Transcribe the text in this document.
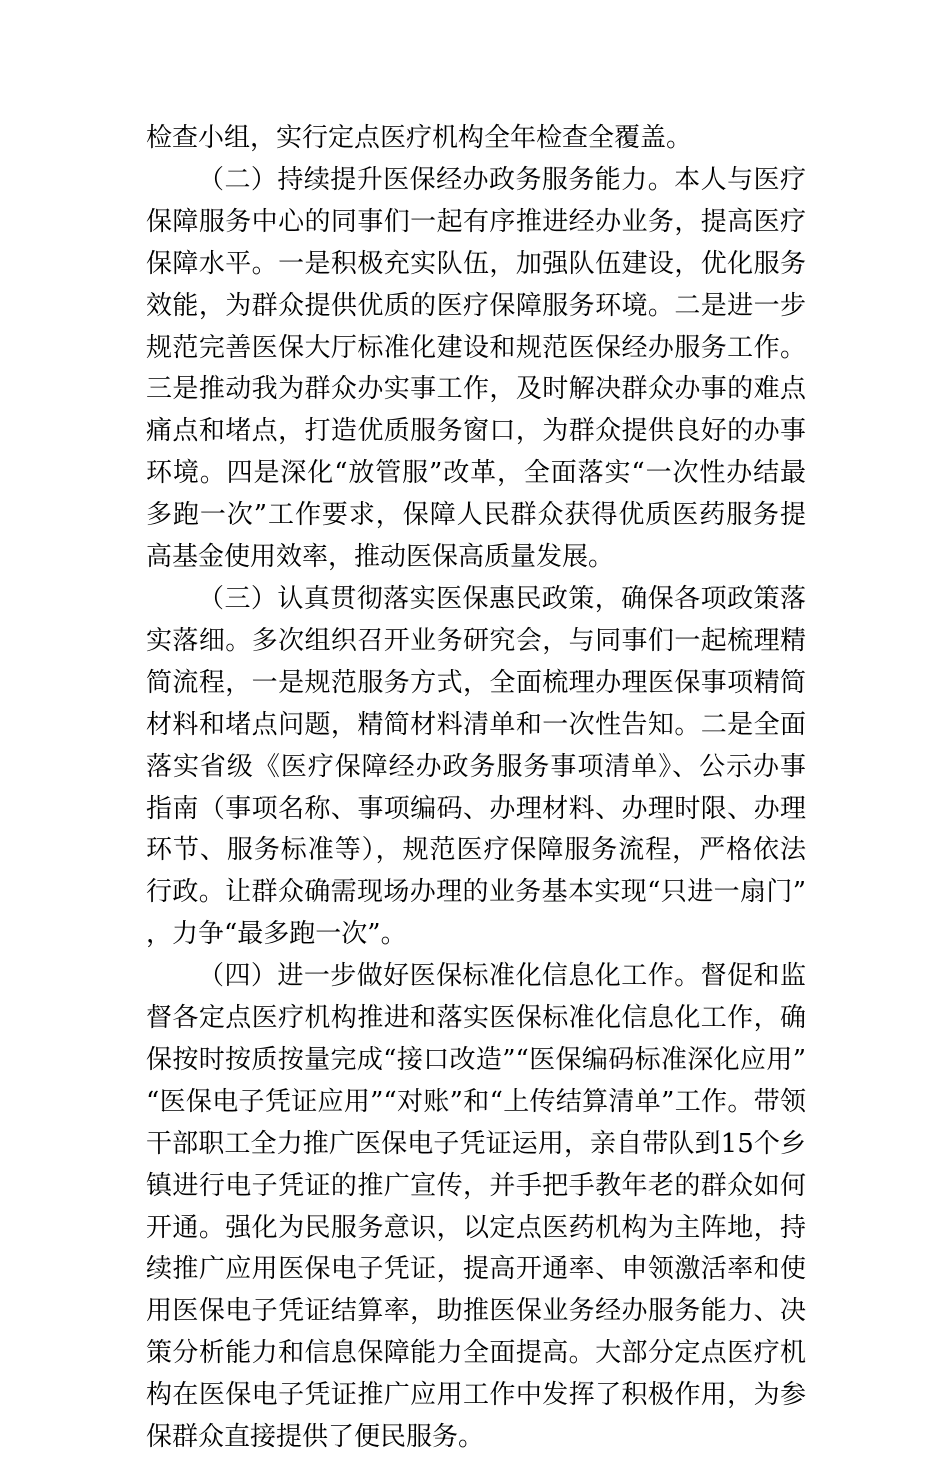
检查小组，实行定点医疗机构全年检查全覆盖。

（二）持续提升医保经办政务服务能力。本人与医疗保障服务中心的同事们一起有序推进经办业务，提高医疗保障水平。一是积极充实队伍，加强队伍建设，优化服务效能，为群众提供优质的医疗保障服务环境。二是进一步规范完善医保大厅标准化建设和规范医保经办服务工作。三是推动我为群众办实事工作，及时解决群众办事的难点痛点和堵点，打造优质服务窗口，为群众提供良好的办事环境。四是深化“放管服”改革，全面落实“一次性办结最多跑一次”工作要求，保障人民群众获得优质医药服务提高基金使用效率，推动医保高质量发展。

（三）认真贯彻落实医保惠民政策，确保各项政策落实落细。多次组织召开业务研究会，与同事们一起梳理精简流程，一是规范服务方式，全面梳理办理医保事项精简材料和堵点问题，精简材料清单和一次性告知。二是全面落实省级《医疗保障经办政务服务事项清单》、公示办事指南（事项名称、事项编码、办理材料、办理时限、办理环节、服务标准等），规范医疗保障服务流程，严格依法行政。让群众确需现场办理的业务基本实现“只进一扇门”，力争“最多跑一次”。

（四）进一步做好医保标准化信息化工作。督促和监督各定点医疗机构推进和落实医保标准化信息化工作，确保按时按质按量完成“接口改造”“医保编码标准深化应用”“医保电子凭证应用”“对账”和“上传结算清单”工作。带领干部职工全力推广医保电子凭证运用，亲自带队到15个乡镇进行电子凭证的推广宣传，并手把手教年老的群众如何开通。强化为民服务意识，以定点医药机构为主阵地，持续推广应用医保电子凭证，提高开通率、申领激活率和使用医保电子凭证结算率，助推医保业务经办服务能力、决策分析能力和信息保障能力全面提高。大部分定点医疗机构在医保电子凭证推广应用工作中发挥了积极作用，为参保群众直接提供了便民服务。
